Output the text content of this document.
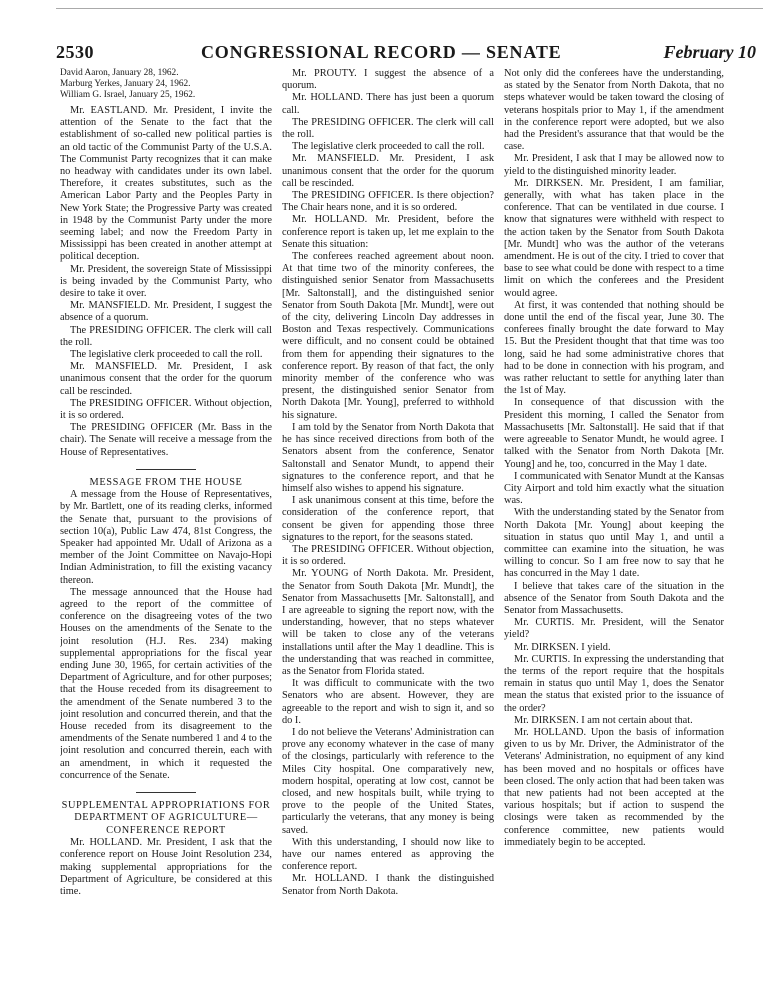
2530	CONGRESSIONAL RECORD — SENATE	February 10

David Aaron, January 28, 1962.

Marburg Yerkes, January 24, 1962.

William G. Israel, January 25, 1962.

Mr. EASTLAND. Mr. President, I invite the attention of the Senate to the fact that the establishment of so-called new political parties is an old tactic of the Communist Party of the U.S.A. The Communist Party recognizes that it can make no headway with candidates under its own label. Therefore, it creates substitutes, such as the American Labor Party and the Peoples Party in New York State; the Progressive Party was created in 1948 by the Communist Party under the more seeming label; and now the Freedom Party in Mississippi has been created in another attempt at political deception.

Mr. President, the sovereign State of Mississippi is being invaded by the Communist Party, who desire to take it over.

Mr. MANSFIELD. Mr. President, I suggest the absence of a quorum.

The PRESIDING OFFICER. The clerk will call the roll.

The legislative clerk proceeded to call the roll.

Mr. MANSFIELD. Mr. President, I ask unanimous consent that the order for the quorum call be rescinded.

The PRESIDING OFFICER. Without objection, it is so ordered.

The PRESIDING OFFICER (Mr. Bass in the chair). The Senate will receive a message from the House of Representatives.

MESSAGE FROM THE HOUSE

A message from the House of Representatives, by Mr. Bartlett, one of its reading clerks, informed the Senate that, pursuant to the provisions of section 10(a), Public Law 474, 81st Congress, the Speaker had appointed Mr. Udall of Arizona as a member of the Joint Committee on Navajo-Hopi Indian Administration, to fill the existing vacancy thereon.

The message announced that the House had agreed to the report of the committee of conference on the disagreeing votes of the two Houses on the amendments of the Senate to the joint resolution (H.J. Res. 234) making supplemental appropriations for the fiscal year ending June 30, 1965, for certain activities of the Department of Agriculture, and for other purposes; that the House receded from its disagreement to the amendment of the Senate numbered 3 to the joint resolution and concurred therein, and that the House receded from its disagreement to the amendments of the Senate numbered 1 and 4 to the joint resolution and concurred therein, each with an amendment, in which it requested the concurrence of the Senate.

SUPPLEMENTAL APPROPRIATIONS FOR DEPARTMENT OF AGRICULTURE—CONFERENCE REPORT

Mr. HOLLAND. Mr. President, I ask that the conference report on House Joint Resolution 234, making supplemental appropriations for the Department of Agriculture, be considered at this time.

Mr. PROUTY. I suggest the absence of a quorum.

Mr. HOLLAND. There has just been a quorum call.

The PRESIDING OFFICER. The clerk will call the roll.

The legislative clerk proceeded to call the roll.

Mr. MANSFIELD. Mr. President, I ask unanimous consent that the order for the quorum call be rescinded.

The PRESIDING OFFICER. Is there objection? The Chair hears none, and it is so ordered.

Mr. HOLLAND. Mr. President, before the conference report is taken up, let me explain to the Senate this situation:

The conferees reached agreement about noon. At that time two of the minority conferees, the distinguished senior Senator from Massachusetts [Mr. Saltonstall], and the distinguished senior Senator from South Dakota [Mr. Mundt], were out of the city, delivering Lincoln Day addresses in Boston and Texas respectively. Communications were difficult, and no consent could be obtained from them for appending their signatures to the conference report. By reason of that fact, the only minority member of the conference who was present, the distinguished senior Senator from North Dakota [Mr. Young], preferred to withhold his signature.

I am told by the Senator from North Dakota that he has since received directions from both of the Senators absent from the conference, Senator Saltonstall and Senator Mundt, to append their signatures to the conference report, and that he himself also wishes to append his signature.

I ask unanimous consent at this time, before the consideration of the conference report, that consent be given for appending those three signatures to the report, for the seasons stated.

The PRESIDING OFFICER. Without objection, it is so ordered.

Mr. YOUNG of North Dakota. Mr. President, the Senator from South Dakota [Mr. Mundt], the Senator from Massachusetts [Mr. Saltonstall], and I are agreeable to signing the report now, with the understanding, however, that no steps whatever will be taken to close any of the veterans installations until after the May 1 deadline. This is the understanding that was reached in committee, as the Senator from Florida stated.

It was difficult to communicate with the two Senators who are absent. However, they are agreeable to the report and wish to sign it, and so do I.

I do not believe the Veterans' Administration can prove any economy whatever in the case of many of the closings, particularly with reference to the Miles City hospital. One comparatively new, modern hospital, operating at low cost, cannot be closed, and new hospitals built, while trying to prove to the people of the United States, particularly the veterans, that any money is being saved.

With this understanding, I should now like to have our names entered as approving the conference report.

Mr. HOLLAND. I thank the distinguished Senator from North Dakota.

Not only did the conferees have the understanding, as stated by the Senator from North Dakota, that no steps whatever would be taken toward the closing of veterans hospitals prior to May 1, if the amendment in the conference report were adopted, but we also had the President's assurance that that would be the case.

Mr. President, I ask that I may be allowed now to yield to the distinguished minority leader.

Mr. DIRKSEN. Mr. President, I am familiar, generally, with what has taken place in the conference. That can be ventilated in due course. I know that signatures were withheld with respect to the action taken by the Senator from South Dakota [Mr. Mundt] who was the author of the veterans amendment. He is out of the city. I tried to cover that base to see what could be done with respect to a time limit on which the conferees and the President would agree.

At first, it was contended that nothing should be done until the end of the fiscal year, June 30. The conferees finally brought the date forward to May 15. But the President thought that that time was too long, said he had some administrative chores that had to be done in connection with his program, and was rather reluctant to settle for anything later than the 1st of May.

In consequence of that discussion with the President this morning, I called the Senator from Massachusetts [Mr. Saltonstall]. He said that if that were agreeable to Senator Mundt, he would agree. I talked with the Senator from North Dakota [Mr. Young] and he, too, concurred in the May 1 date.

I communicated with Senator Mundt at the Kansas City Airport and told him exactly what the situation was.

With the understanding stated by the Senator from North Dakota [Mr. Young] about keeping the situation in status quo until May 1, and until a committee can examine into the situation, he was willing to concur. So I am free now to say that he has concurred in the May 1 date.

I believe that takes care of the situation in the absence of the Senator from South Dakota and the Senator from Massachusetts.

Mr. CURTIS. Mr. President, will the Senator yield?

Mr. DIRKSEN. I yield.

Mr. CURTIS. In expressing the understanding that the terms of the report require that the hospitals remain in status quo until May 1, does the Senator mean the status that existed prior to the issuance of the order?

Mr. DIRKSEN. I am not certain about that.

Mr. HOLLAND. Upon the basis of information given to us by Mr. Driver, the Administrator of the Veterans' Administration, no equipment of any kind has been moved and no hospitals or offices have been closed. The only action that had been taken was that new patients had not been accepted at the various hospitals; but if action to suspend the closings were taken as recommended by the conference committee, new patients would immediately begin to be accepted.
